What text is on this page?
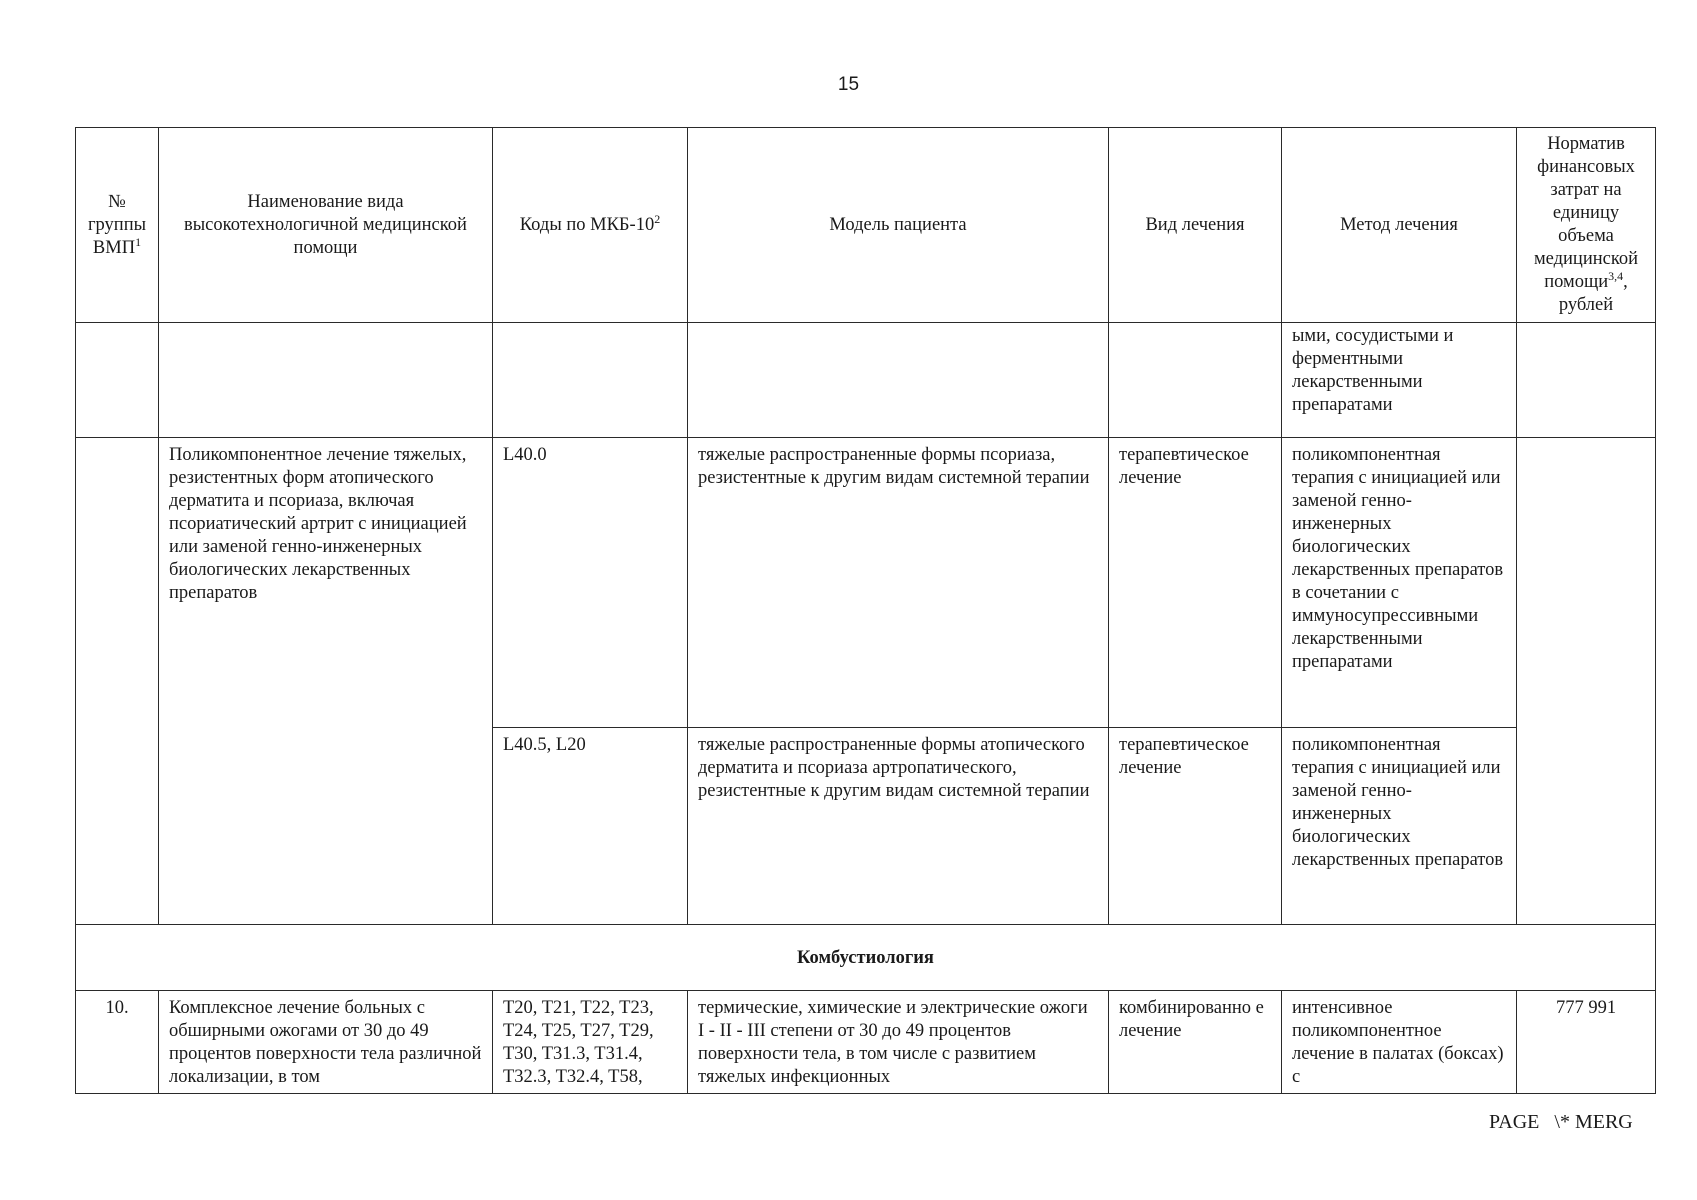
15
№ группы ВМП$^1$	Наименование вида высокотехнологичной медицинской помощи	Коды по МКБ-$10^2$	Модель пациента	Вид лечения	Метод лечения	Норматив финансовых затрат на единицу объема медицинской помощи$^{3,4}$, рублей
					ыми, сосудистыми и ферментными лекарственными препаратами	
	Поликомпонентное лечение тяжелых, резистентных форм атопического дерматита и псориаза, включая псориатический артрит с инициацией или заменой генно-инженерных биологических лекарственных препаратов	L40.0	тяжелые распространенные формы псориаза, резистентные к другим видам системной терапии	терапевтическое лечение	поликомпонентная терапия с инициацией или заменой генно-инженерных биологических лекарственных препаратов в сочетании с иммуносупрессивными лекарственными препаратами	
		L40.5, L20	тяжелые распространенные формы атопического дерматита и псориаза артропатического, резистентные к другим видам системной терапии	терапевтическое лечение	поликомпонентная терапия с инициацией или заменой генно-инженерных биологических лекарственных препаратов	
Комбустиология						
10.	Комплексное лечение больных с обширными ожогами от 30 до 49 процентов поверхности тела различной локализации, в том	T20, T21, T22, T23, T24, T25, T27, T29, T30, T31.3, T31.4, T32.3, T32.4, T58,	термические, химические и электрические ожоги I - II - III степени от 30 до 49 процентов поверхности тела, в том числе с развитием тяжелых инфекционных	комбинированно е лечение	интенсивное поликомпонентное лечение в палатах (боксах) с	777 991
PAGE   \* MERG
